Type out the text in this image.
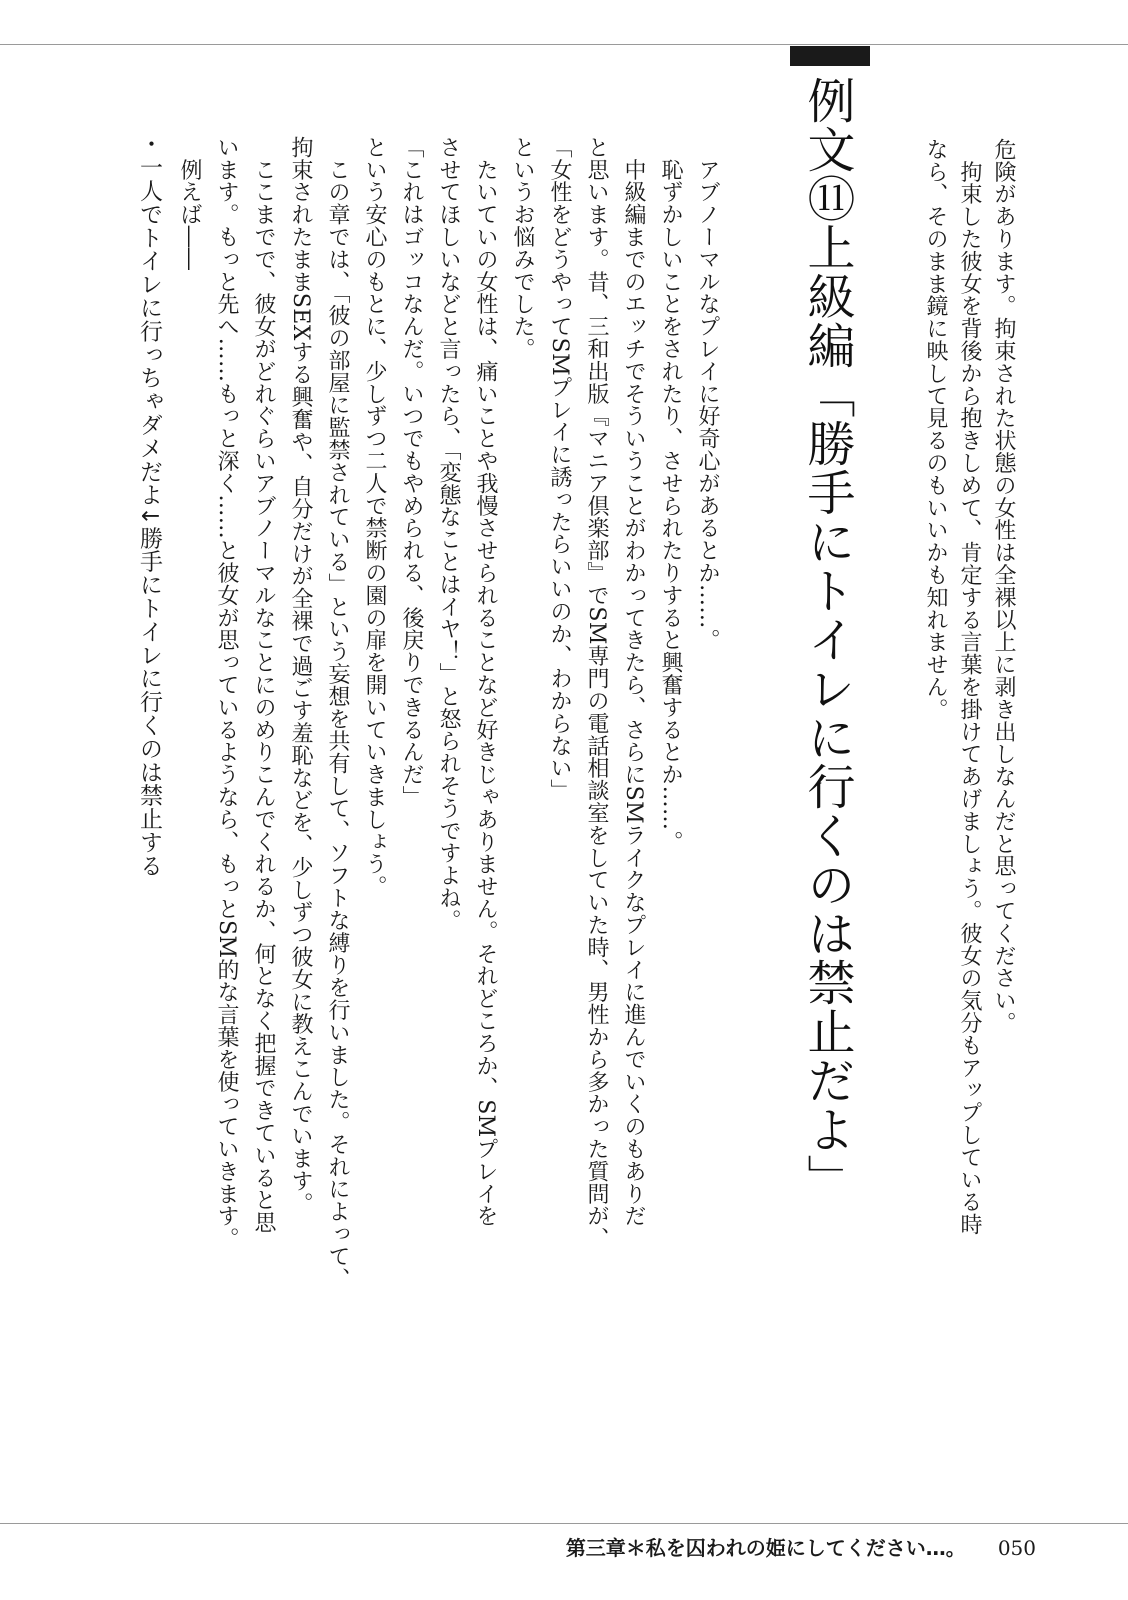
危険があります。拘束された状態の女性は全裸以上に剥き出しなんだと思ってください。
　拘束した彼女を背後から抱きしめて、肯定する言葉を掛けてあげましょう。彼女の気分もアップしている時
なら、そのまま鏡に映して見るのもいいかも知れません。
例文⑪上級編「勝手にトイレに行くのは禁止だよ」
　アブノーマルなプレイに好奇心があるとか……。
　恥ずかしいことをされたり、させられたりすると興奮するとか……。
　中級編までのエッチでそういうことがわかってきたら、さらにSMライクなプレイに進んでいくのもありだ
と思います。昔、三和出版『マニア倶楽部』でSM専門の電話相談室をしていた時、男性から多かった質問が、
「女性をどうやってSMプレイに誘ったらいいのか、わからない」
というお悩みでした。
　たいていの女性は、痛いことや我慢させられることなど好きじゃありません。それどころか、SMプレイを
させてほしいなどと言ったら、「変態なことはイヤ！」と怒られそうですよね。
「これはゴッコなんだ。いつでもやめられる、後戻りできるんだ」
という安心のもとに、少しずつ二人で禁断の園の扉を開いていきましょう。
　この章では、「彼の部屋に監禁されている」という妄想を共有して、ソフトな縛りを行いました。それによって、
拘束されたままSEXする興奮や、自分だけが全裸で過ごす羞恥などを、少しずつ彼女に教えこんでいます。
　ここまでで、彼女がどれぐらいアブノーマルなことにのめりこんでくれるか、何となく把握できていると思
います。もっと先へ……もっと深く……と彼女が思っているようなら、もっとSM的な言葉を使っていきます。
　例えば――
・一人でトイレに行っちゃダメだよ↓勝手にトイレに行くのは禁止する
第三章＊私を囚われの姫にしてください…。 050
